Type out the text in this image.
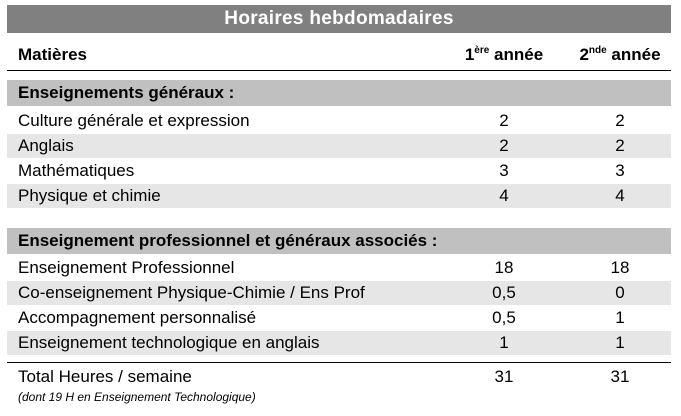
Horaires hebdomadaires
Matières	1ère année	2nde année
Enseignements généraux :
Culture générale et expression	2	2
Anglais	2	2
Mathématiques	3	3
Physique et chimie	4	4
Enseignement professionnel et généraux associés :
Enseignement Professionnel	18	18
Co-enseignement Physique-Chimie / Ens Prof	0,5	0
Accompagnement personnalisé	0,5	1
Enseignement technologique en anglais	1	1
Total Heures / semaine	31	31
(dont 19 H en Enseignement Technologique)
